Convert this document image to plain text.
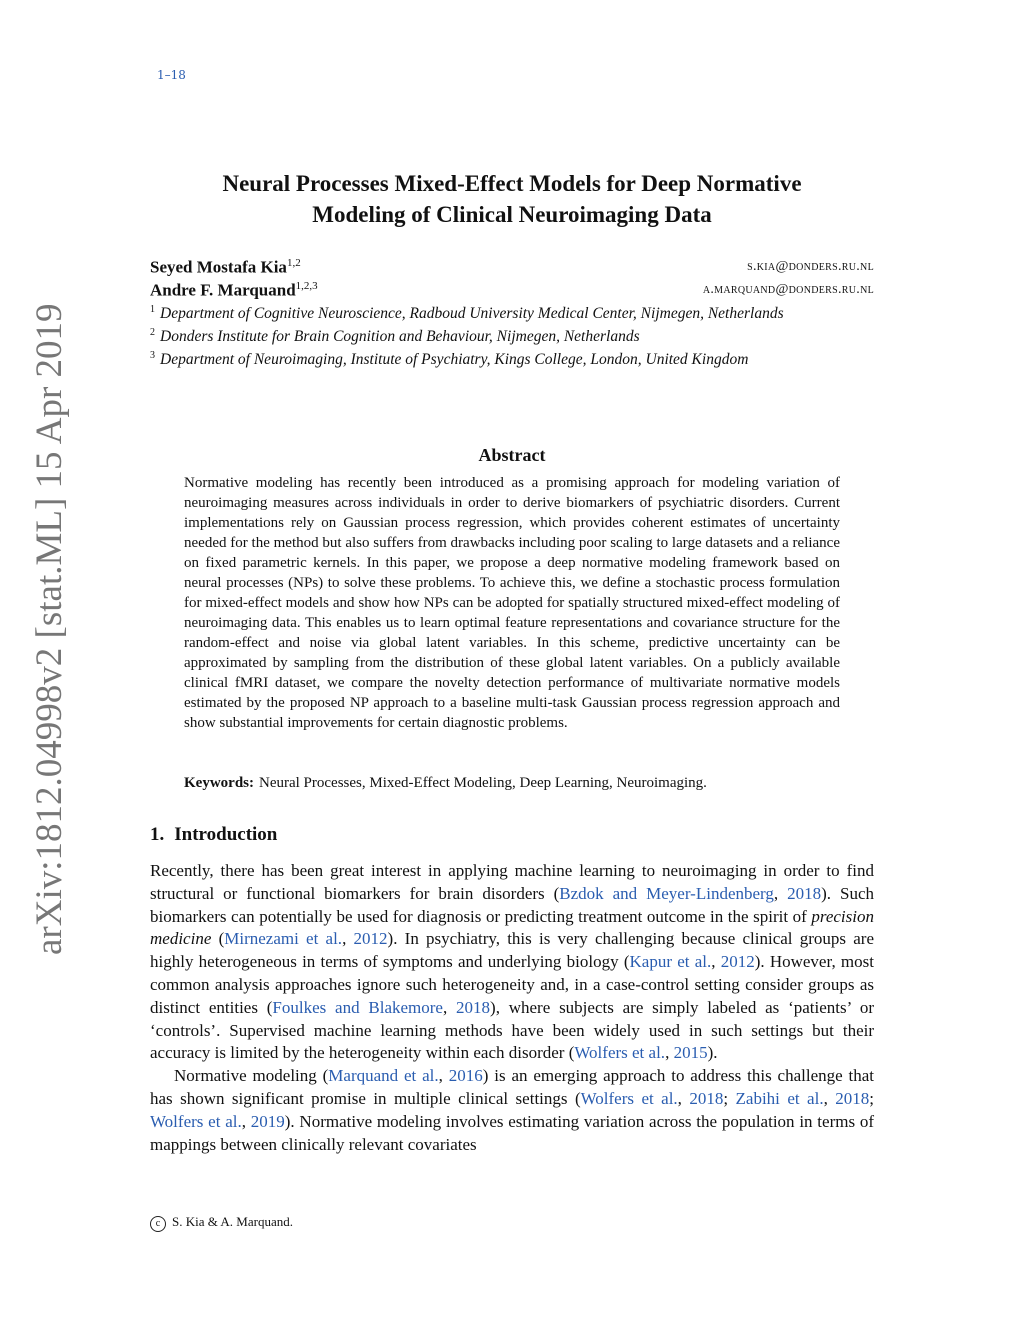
1–18
arXiv:1812.04998v2 [stat.ML] 15 Apr 2019
Neural Processes Mixed-Effect Models for Deep Normative
Modeling of Clinical Neuroimaging Data
Seyed Mostafa Kia$^{1,2}$	s.kia@donders.ru.nl
Andre F. Marquand$^{1,2,3}$	a.marquand@donders.ru.nl
$^1$ Department of Cognitive Neuroscience, Radboud University Medical Center, Nijmegen, Netherlands
$^2$ Donders Institute for Brain Cognition and Behaviour, Nijmegen, Netherlands
$^3$ Department of Neuroimaging, Institute of Psychiatry, Kings College, London, United Kingdom
Abstract
Normative modeling has recently been introduced as a promising approach for modeling variation of neuroimaging measures across individuals in order to derive biomarkers of psychiatric disorders. Current implementations rely on Gaussian process regression, which provides coherent estimates of uncertainty needed for the method but also suffers from drawbacks including poor scaling to large datasets and a reliance on fixed parametric kernels. In this paper, we propose a deep normative modeling framework based on neural processes (NPs) to solve these problems. To achieve this, we define a stochastic process formulation for mixed-effect models and show how NPs can be adopted for spatially structured mixed-effect modeling of neuroimaging data. This enables us to learn optimal feature representations and covariance structure for the random-effect and noise via global latent variables. In this scheme, predictive uncertainty can be approximated by sampling from the distribution of these global latent variables. On a publicly available clinical fMRI dataset, we compare the novelty detection performance of multivariate normative models estimated by the proposed NP approach to a baseline multi-task Gaussian process regression approach and show substantial improvements for certain diagnostic problems.
Keywords: Neural Processes, Mixed-Effect Modeling, Deep Learning, Neuroimaging.
1. Introduction

Recently, there has been great interest in applying machine learning to neuroimaging in order to find structural or functional biomarkers for brain disorders (Bzdok and Meyer-Lindenberg, 2018). Such biomarkers can potentially be used for diagnosis or predicting treatment outcome in the spirit of precision medicine (Mirnezami et al., 2012). In psychiatry, this is very challenging because clinical groups are highly heterogeneous in terms of symptoms and underlying biology (Kapur et al., 2012). However, most common analysis approaches ignore such heterogeneity and, in a case-control setting consider groups as distinct entities (Foulkes and Blakemore, 2018), where subjects are simply labeled as ‘patients’ or ‘controls’. Supervised machine learning methods have been widely used in such settings but their accuracy is limited by the heterogeneity within each disorder (Wolfers et al., 2015).

Normative modeling (Marquand et al., 2016) is an emerging approach to address this challenge that has shown significant promise in multiple clinical settings (Wolfers et al., 2018; Zabihi et al., 2018; Wolfers et al., 2019). Normative modeling involves estimating variation across the population in terms of mappings between clinically relevant covariates

c S. Kia & A. Marquand.
